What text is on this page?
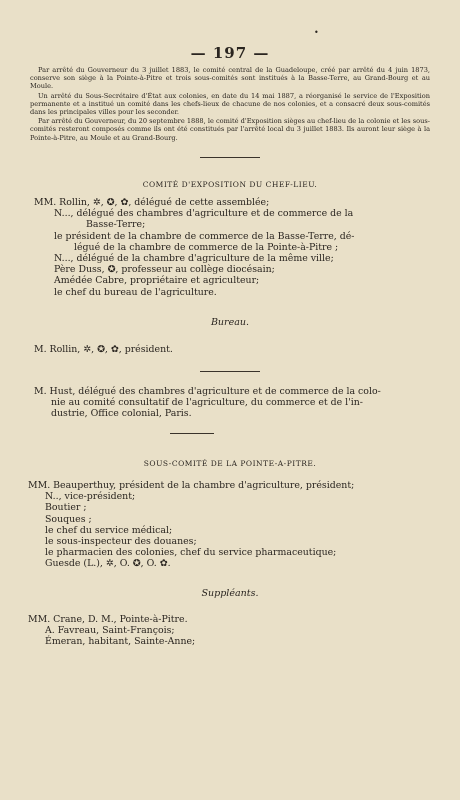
•
— 197 —

Par arrêté du Gouverneur du 3 juillet 1883, le comité central de la Guadeloupe, créé par arrêté du 4 juin 1873, conserve son siège à la Pointe-à-Pitre et trois sous-comités sont institués à la Basse-Terre, au Grand-Bourg et au Moule.

Un arrêté du Sous-Secrétaire d'État aux colonies, en date du 14 mai 1887, a réorganisé le service de l'Exposition permanente et a institué un comité dans les chefs-lieux de chacune de nos colonies, et a consacré deux sous-comités dans les principales villes pour les seconder.

Par arrêté du Gouverneur, du 20 septembre 1888, le comité d'Exposition sièges au chef-lieu de la colonie et les sous-comités resteront composés comme ils ont été constitués par l'arrêté local du 3 juillet 1883. Ils auront leur siège à la Pointe-à-Pitre, au Moule et au Grand-Bourg.

COMITÉ D'EXPOSITION DU CHEF-LIEU.
MM. Rollin, ✲, ✪, ✿, délégué de cette assemblée;
N..., délégué des chambres d'agriculture et de commerce de la
Basse-Terre;
le président de la chambre de commerce de la Basse-Terre, dé-
légué de la chambre de commerce de la Pointe-à-Pitre ;
N..., délégué de la chambre d'agriculture de la même ville;
Père Duss, ✪, professeur au collège diocésain;
Amédée Cabre, propriétaire et agriculteur;
le chef du bureau de l'agriculture.
Bureau.
M. Rollin, ✲, ✪, ✿, président.
M. Hust, délégué des chambres d'agriculture et de commerce de la colo-
nie au comité consultatif de l'agriculture, du commerce et de l'in-
dustrie, Office colonial, Paris.
SOUS-COMITÉ DE LA POINTE-A-PITRE.
MM. Beauperthuy, président de la chambre d'agriculture, président;
N.., vice-président;
Boutier ;
Souques ;
le chef du service médical;
le sous-inspecteur des douanes;
le pharmacien des colonies, chef du service pharmaceutique;
Guesde (L.), ✲, O. ✪, O. ✿.
Suppléants.
MM. Crane, D. M., Pointe-à-Pitre.
A. Favreau, Saint-François;
Émeran, habitant, Sainte-Anne;
